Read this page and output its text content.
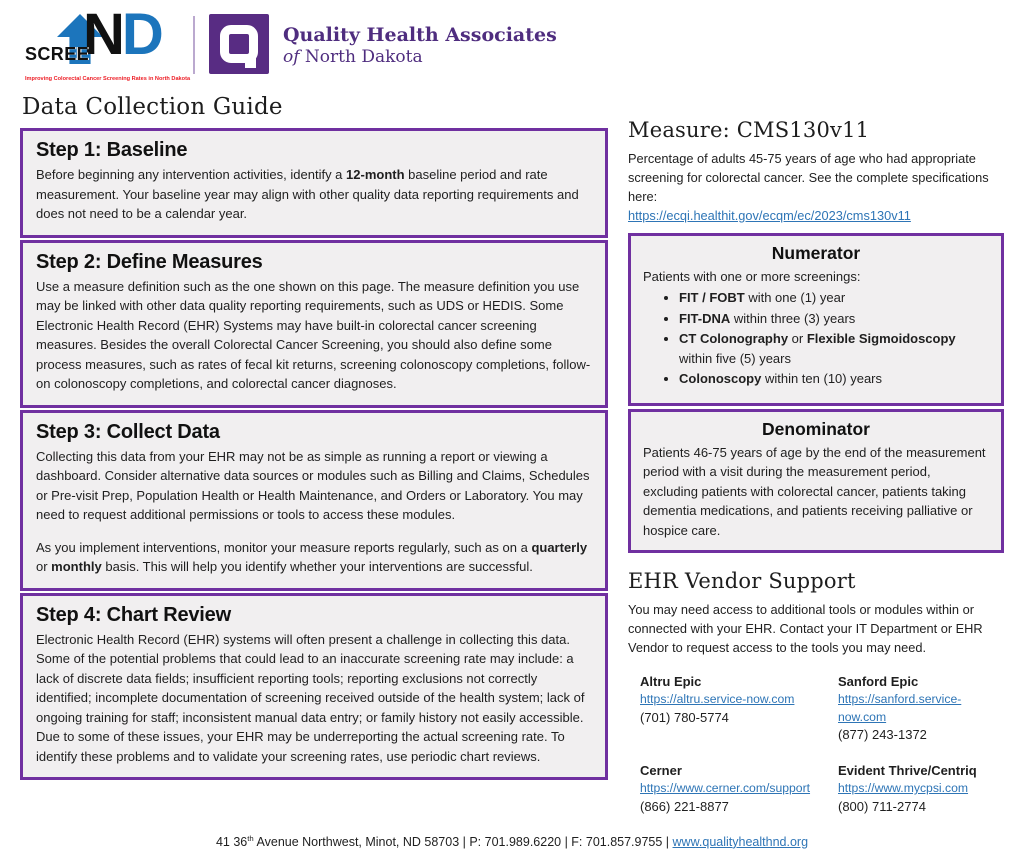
ND
SCREE
Improving Colorectal Cancer Screening Rates in North Dakota
Quality Health Associates
of North Dakota
Data Collection Guide
Step 1: Baseline

Before beginning any intervention activities, identify a 12-month baseline period and rate measurement. Your baseline year may align with other quality data reporting requirements and does not need to be a calendar year.

Step 2: Define Measures

Use a measure definition such as the one shown on this page. The measure definition you use may be linked with other data quality reporting requirements, such as UDS or HEDIS. Some Electronic Health Record (EHR) Systems may have built-in colorectal cancer screening measures. Besides the overall Colorectal Cancer Screening, you should also define some process measures, such as rates of fecal kit returns, screening colonoscopy completions, follow-on colonoscopy completions, and colorectal cancer diagnoses.

Step 3: Collect Data

Collecting this data from your EHR may not be as simple as running a report or viewing a dashboard. Consider alternative data sources or modules such as Billing and Claims, Schedules or Pre-visit Prep, Population Health or Health Maintenance, and Orders or Laboratory. You may need to request additional permissions or tools to access these modules.

As you implement interventions, monitor your measure reports regularly, such as on a quarterly or monthly basis. This will help you identify whether your interventions are successful.

Step 4: Chart Review

Electronic Health Record (EHR) systems will often present a challenge in collecting this data. Some of the potential problems that could lead to an inaccurate screening rate may include: a lack of discrete data fields; insufficient reporting tools; reporting exclusions not correctly identified; incomplete documentation of screening received outside of the health system; lack of ongoing training for staff; inconsistent manual data entry; or family history not easily accessible. Due to some of these issues, your EHR may be underreporting the actual screening rate. To identify these problems and to validate your screening rates, use periodic chart reviews.

Measure: CMS130v11
Percentage of adults 45-75 years of age who had appropriate screening for colorectal cancer. See the complete specifications here:
https://ecqi.healthit.gov/ecqm/ec/2023/cms130v11
Numerator

Patients with one or more screenings:

• FIT / FOBT with one (1) year
• FIT-DNA within three (3) years
• CT Colonography or Flexible Sigmoidoscopy within five (5) years
• Colonoscopy within ten (10) years
Denominator

Patients 46-75 years of age by the end of the measurement period with a visit during the measurement period, excluding patients with colorectal cancer, patients taking dementia medications, and patients receiving palliative or hospice care.

EHR Vendor Support
You may need access to additional tools or modules within or connected with your EHR. Contact your IT Department or EHR Vendor to request access to the tools you may need.
Altru Epic
https://altru.service-now.com
(701) 780-5774
Sanford Epic
https://sanford.service-now.com
(877) 243-1372
Cerner
https://www.cerner.com/support
(866) 221-8877
Evident Thrive/Centriq
https://www.mycpsi.com
(800) 711-2774
41 36th Avenue Northwest, Minot, ND 58703 | P: 701.989.6220 | F: 701.857.9755 | www.qualityhealthnd.org
